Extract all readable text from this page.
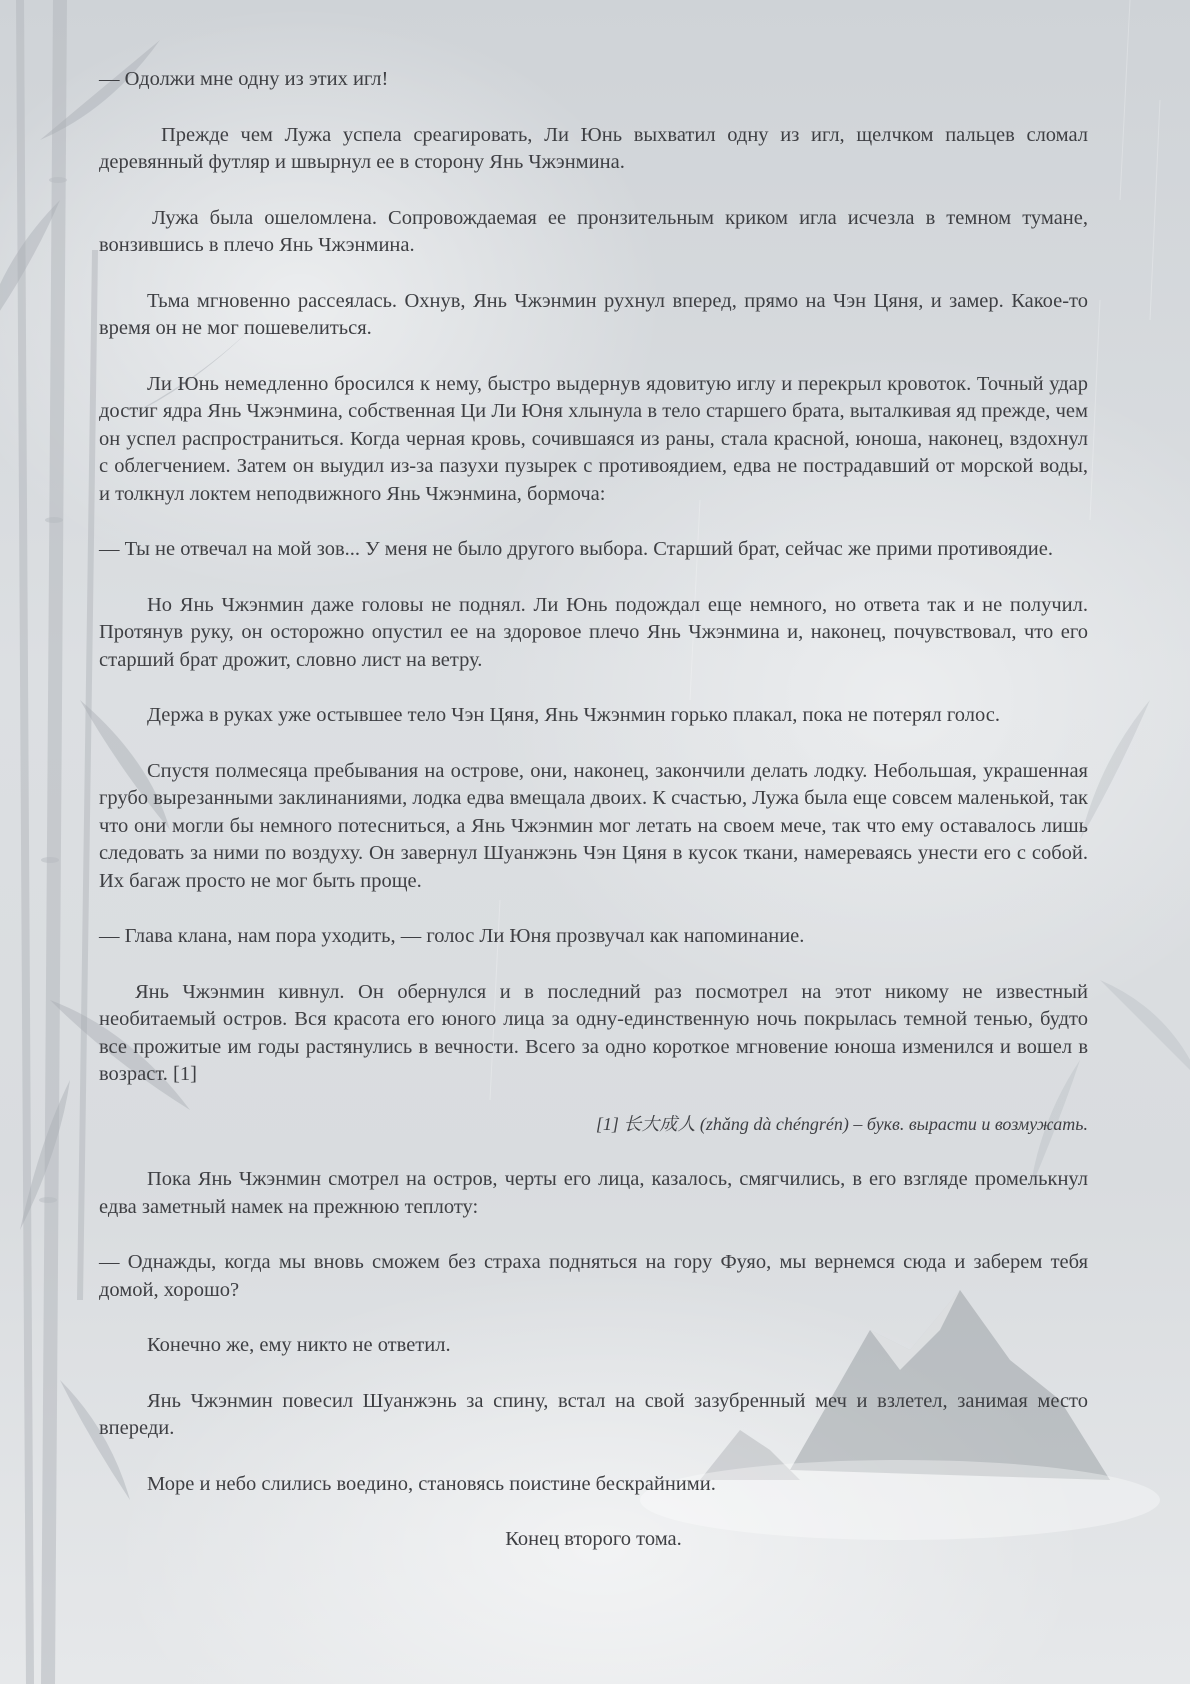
— Одолжи мне одну из этих игл!

Прежде чем Лужа успела среагировать, Ли Юнь выхватил одну из игл, щелчком пальцев сломал деревянный футляр и швырнул ее в сторону Янь Чжэнмина.

Лужа была ошеломлена. Сопровождаемая ее пронзительным криком игла исчезла в темном тумане, вонзившись в плечо Янь Чжэнмина.

Тьма мгновенно рассеялась. Охнув, Янь Чжэнмин рухнул вперед, прямо на Чэн Цяня, и замер. Какое-то время он не мог пошевелиться.

Ли Юнь немедленно бросился к нему, быстро выдернув ядовитую иглу и перекрыл кровоток. Точный удар достиг ядра Янь Чжэнмина, собственная Ци Ли Юня хлынула в тело старшего брата, выталкивая яд прежде, чем он успел распространиться. Когда черная кровь, сочившаяся из раны, стала красной, юноша, наконец, вздохнул с облегчением. Затем он выудил из-за пазухи пузырек с противоядием, едва не пострадавший от морской воды, и толкнул локтем неподвижного Янь Чжэнмина, бормоча:

— Ты не отвечал на мой зов... У меня не было другого выбора. Старший брат, сейчас же прими противоядие.

Но Янь Чжэнмин даже головы не поднял. Ли Юнь подождал еще немного, но ответа так и не получил. Протянув руку, он осторожно опустил ее на здоровое плечо Янь Чжэнмина и, наконец, почувствовал, что его старший брат дрожит, словно лист на ветру.

Держа в руках уже остывшее тело Чэн Цяня, Янь Чжэнмин горько плакал, пока не потерял голос.

Спустя полмесяца пребывания на острове, они, наконец, закончили делать лодку. Небольшая, украшенная грубо вырезанными заклинаниями, лодка едва вмещала двоих. К счастью, Лужа была еще совсем маленькой, так что они могли бы немного потесниться, а Янь Чжэнмин мог летать на своем мече, так что ему оставалось лишь следовать за ними по воздуху. Он завернул Шуанжэнь Чэн Цяня в кусок ткани, намереваясь унести его с собой. Их багаж просто не мог быть проще.

— Глава клана, нам пора уходить, — голос Ли Юня прозвучал как напоминание.

Янь Чжэнмин кивнул. Он обернулся и в последний раз посмотрел на этот никому не известный необитаемый остров. Вся красота его юного лица за одну-единственную ночь покрылась темной тенью, будто все прожитые им годы растянулись в вечности. Всего за одно короткое мгновение юноша изменился и вошел в возраст. [1]

[1] 长大成人 (zhǎng dà chéngrén) – букв. вырасти и возмужать.

Пока Янь Чжэнмин смотрел на остров, черты его лица, казалось, смягчились, в его взгляде промелькнул едва заметный намек на прежнюю теплоту:

— Однажды, когда мы вновь сможем без страха подняться на гору Фуяо, мы вернемся сюда и заберем тебя домой, хорошо?

Конечно же, ему никто не ответил.

Янь Чжэнмин повесил Шуанжэнь за спину, встал на свой зазубренный меч и взлетел, занимая место впереди.

Море и небо слились воедино, становясь поистине бескрайними.

Конец второго тома.
